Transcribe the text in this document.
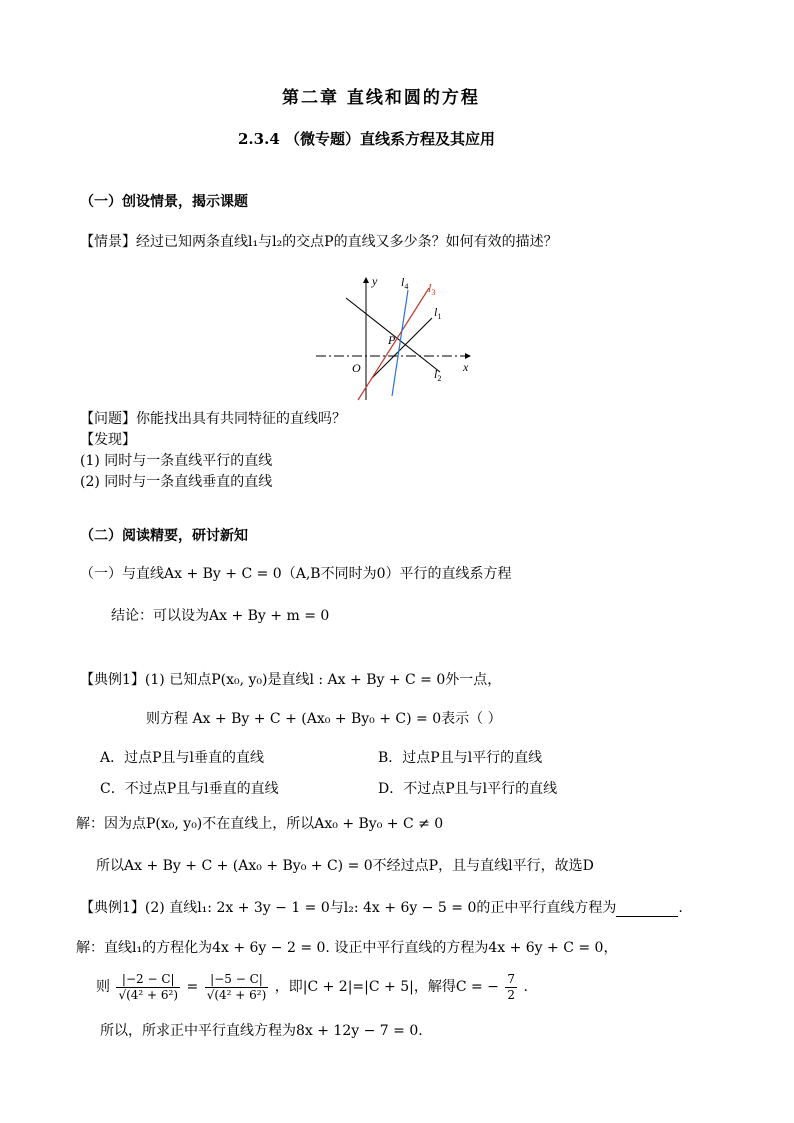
第二章 直线和圆的方程
2.3.4 （微专题）直线系方程及其应用
（一）创设情景，揭示课题
【情景】经过已知两条直线l₁与l₂的交点P的直线又多少条？如何有效的描述？
y
x
O
P
$l_4$ $l_3$
$l_1$
$l_2$
【问题】你能找出具有共同特征的直线吗？
【发现】
(1) 同时与一条直线平行的直线
(2) 同时与一条直线垂直的直线
（二）阅读精要，研讨新知
（一）与直线Ax + By + C = 0（A,B不同时为0）平行的直线系方程
结论：可以设为Ax + By + m = 0
【典例1】(1) 已知点P(x₀, y₀)是直线l : Ax + By + C = 0外一点，
则方程 Ax + By + C + (Ax₀ + By₀ + C) = 0表示（ ）
A．过点P且与l垂直的直线	B．过点P且与l平行的直线
C．不过点P且与l垂直的直线	D．不过点P且与l平行的直线
解：因为点P(x₀, y₀)不在直线上，所以Ax₀ + By₀ + C ≠ 0
所以Ax + By + C + (Ax₀ + By₀ + C) = 0不经过点P，且与直线l平行，故选D
【典例1】(2) 直线l₁: 2x + 3y − 1 = 0与l₂: 4x + 6y − 5 = 0的正中平行直线方程为	.
解：直线l₁的方程化为4x + 6y − 2 = 0. 设正中平行直线的方程为4x + 6y + C = 0，
则 $\frac{|-2 - C|}{\text{√(4² + 6²)}} = \frac{|-5 - C|}{\text{√(4² + 6²)}}$ ，即|C + 2|=|C + 5|，解得C = − $\frac{7}{2}$ .
所以，所求正中平行直线方程为8x + 12y − 7 = 0.
